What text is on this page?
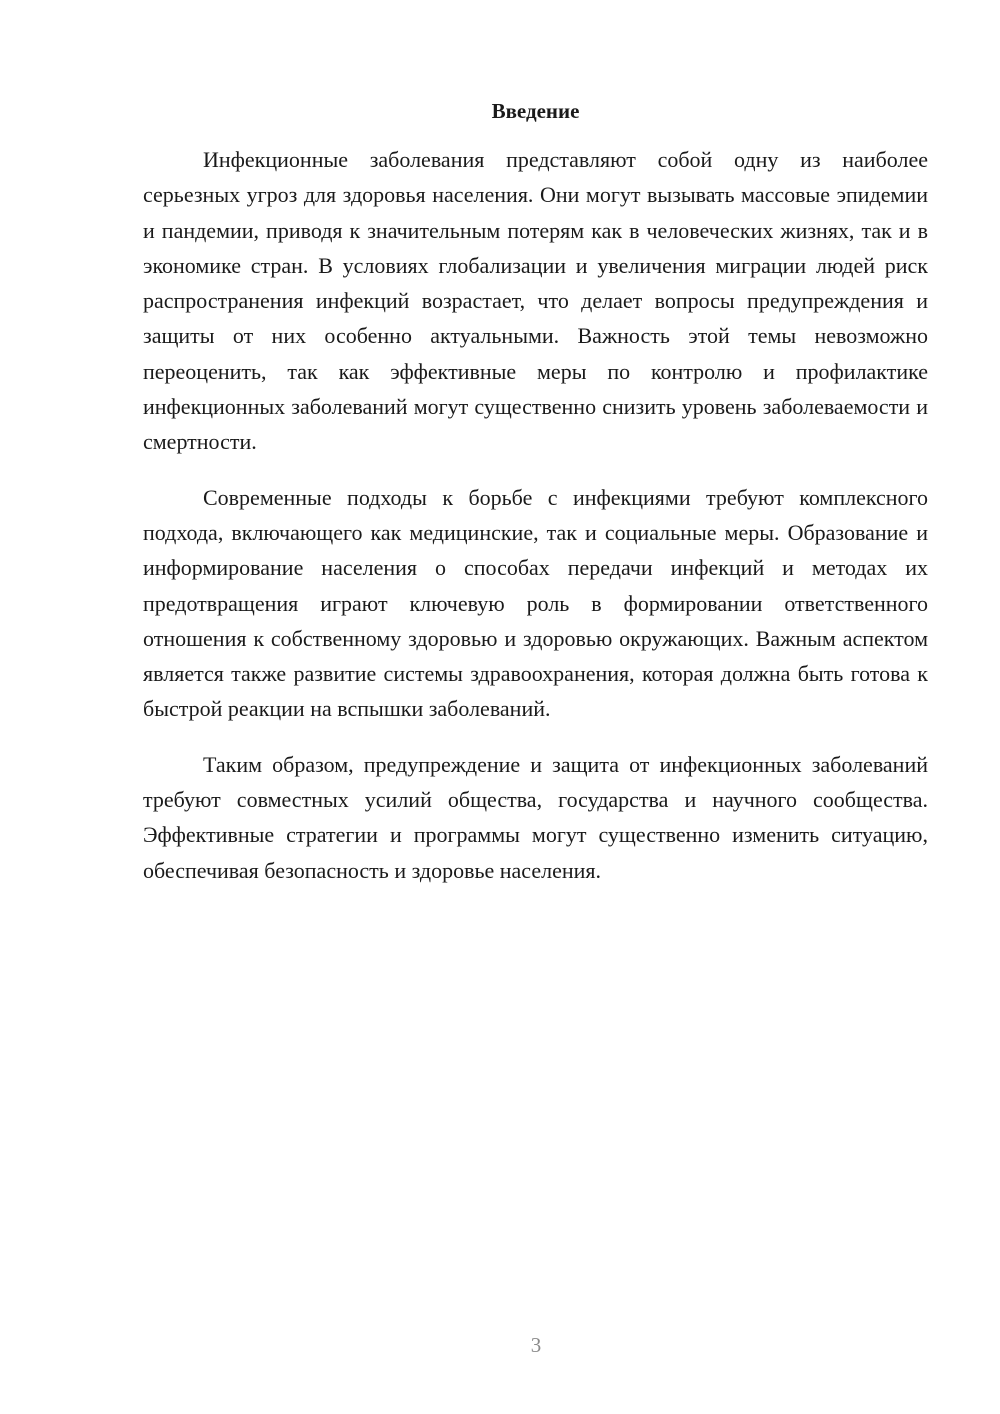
Введение

Инфекционные заболевания представляют собой одну из наиболее серьезных угроз для здоровья населения. Они могут вызывать массовые эпидемии и пандемии, приводя к значительным потерям как в человеческих жизнях, так и в экономике стран. В условиях глобализации и увеличения миграции людей риск распространения инфекций возрастает, что делает вопросы предупреждения и защиты от них особенно актуальными. Важность этой темы невозможно переоценить, так как эффективные меры по контролю и профилактике инфекционных заболеваний могут существенно снизить уровень заболеваемости и смертности.

Современные подходы к борьбе с инфекциями требуют комплексного подхода, включающего как медицинские, так и социальные меры. Образование и информирование населения о способах передачи инфекций и методах их предотвращения играют ключевую роль в формировании ответственного отношения к собственному здоровью и здоровью окружающих. Важным аспектом является также развитие системы здравоохранения, которая должна быть готова к быстрой реакции на вспышки заболеваний.

Таким образом, предупреждение и защита от инфекционных заболеваний требуют совместных усилий общества, государства и научного сообщества. Эффективные стратегии и программы могут существенно изменить ситуацию, обеспечивая безопасность и здоровье населения.

3
